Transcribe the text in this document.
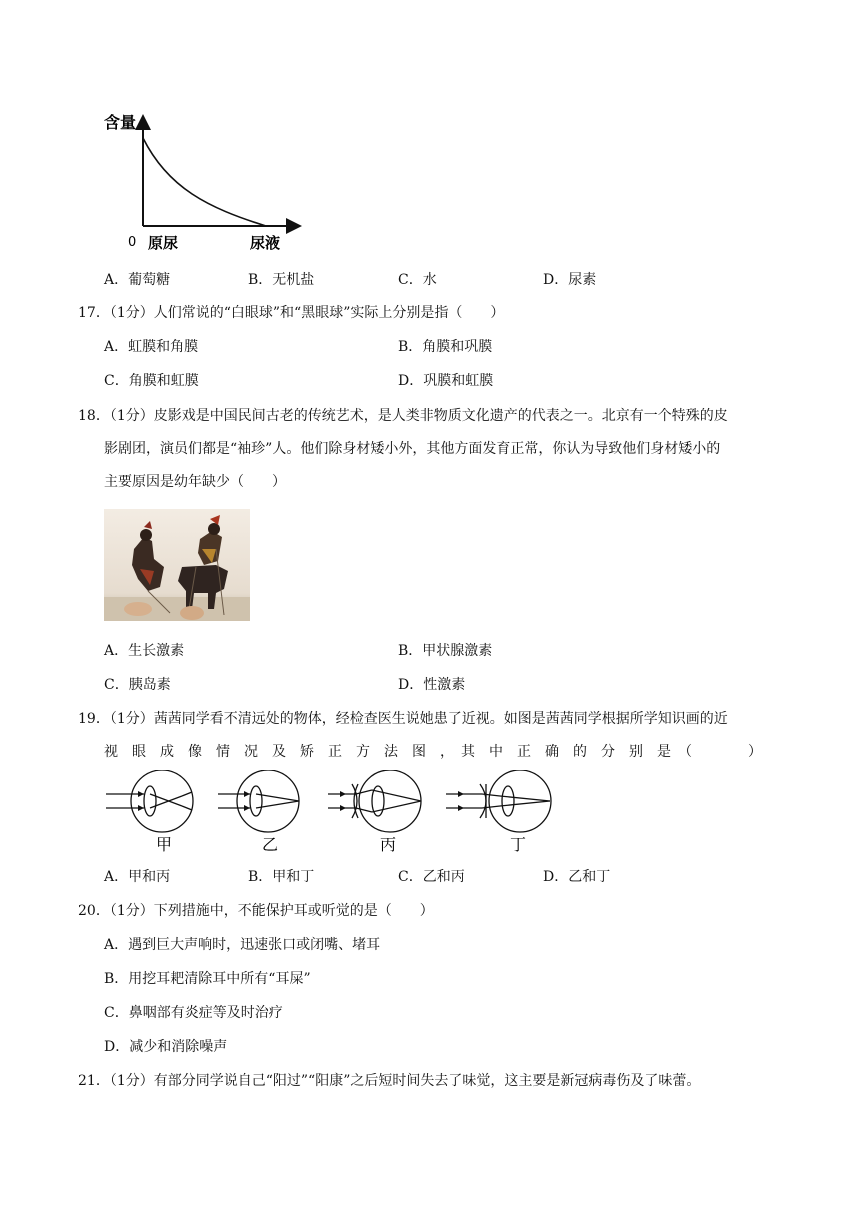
含量
0 原尿	尿液
A．葡萄糖	B．无机盐	C．水	D．尿素
17．（1分）人们常说的“白眼球”和“黑眼球”实际上分别是指（　　）
A．虹膜和角膜	B．角膜和巩膜
C．角膜和虹膜	D．巩膜和虹膜
18．（1分）皮影戏是中国民间古老的传统艺术，是人类非物质文化遗产的代表之一。北京有一个特殊的皮
影剧团，演员们都是“袖珍”人。他们除身材矮小外，其他方面发育正常，你认为导致他们身材矮小的
主要原因是幼年缺少（　　）
A．生长激素	B．甲状腺激素
C．胰岛素	D．性激素
19．（1分）茜茜同学看不清远处的物体，经检查医生说她患了近视。如图是茜茜同学根据所学知识画的近
视　眼　成　像　情　况　及　矫　正　方　法　图　，　其　中　正　确　的　分　别　是　（　　　　）
甲	乙	丙	丁
A．甲和丙	B．甲和丁	C．乙和丙	D．乙和丁
20．（1分）下列措施中，不能保护耳或听觉的是（　　）
A．遇到巨大声响时，迅速张口或闭嘴、堵耳
B．用挖耳耙清除耳中所有“耳屎”
C．鼻咽部有炎症等及时治疗
D．减少和消除噪声
21．（1分）有部分同学说自己“阳过”“阳康”之后短时间失去了味觉，这主要是新冠病毒伤及了味蕾。
